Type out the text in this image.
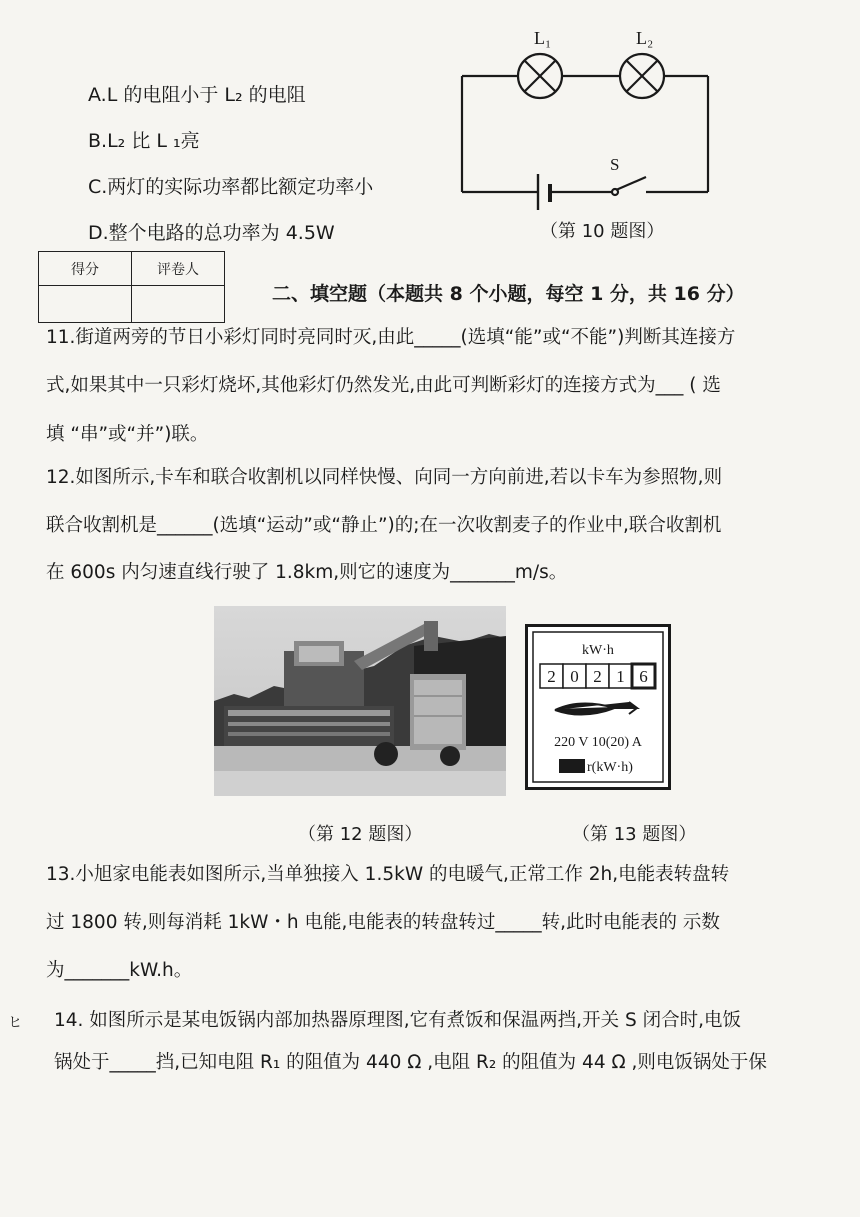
A.L 的电阻小于 L₂ 的电阻
B.L₂ 比 L ₁亮
C.两灯的实际功率都比额定功率小
D.整个电路的总功率为 4.5W
L₁	L₂
S
（第 10 题图）
得分	评卷人

二、填空题（本题共 8 个小题，每空 1 分，共 16 分）
11.街道两旁的节日小彩灯同时亮同时灭,由此_____(选填“能”或“不能”)判断其连接方
式,如果其中一只彩灯烧坏,其他彩灯仍然发光,由此可判断彩灯的连接方式为___ ( 选
填 “串”或“并”)联。
12.如图所示,卡车和联合收割机以同样快慢、向同一方向前进,若以卡车为参照物,则
联合收割机是______(选填“运动”或“静止”)的;在一次收割麦子的作业中,联合收割机
在 600s 内匀速直线行驶了 1.8km,则它的速度为_______m/s。
kW·h
2 0 2 1 6
220 V 10(20) A
r(kW·h)
（第 12 题图）	（第 13 题图）
13.小旭家电能表如图所示,当单独接入 1.5kW 的电暖气,正常工作 2h,电能表转盘转
过 1800 转,则每消耗 1kW・h 电能,电能表的转盘转过_____转,此时电能表的 示数
为_______kW.h。
14. 如图所示是某电饭锅内部加热器原理图,它有煮饭和保温两挡,开关 S 闭合时,电饭
锅处于_____挡,已知电阻 R₁ 的阻值为 440 Ω ,电阻 R₂ 的阻值为 44 Ω ,则电饭锅处于保
ヒ
